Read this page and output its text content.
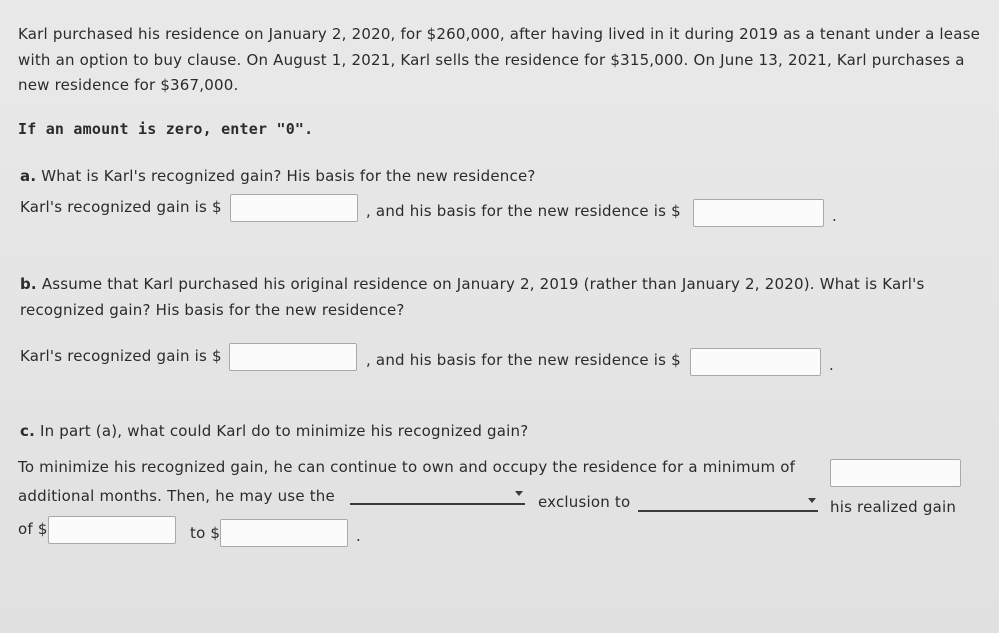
Karl purchased his residence on January 2, 2020, for $260,000, after having lived in it during 2019 as a tenant under a lease with an option to buy clause. On August 1, 2021, Karl sells the residence for $315,000. On June 13, 2021, Karl purchases a new residence for $367,000.
If an amount is zero, enter "0".
a. What is Karl's recognized gain? His basis for the new residence?
Karl's recognized gain is $	, and his basis for the new residence is $	.
b. Assume that Karl purchased his original residence on January 2, 2019 (rather than January 2, 2020). What is Karl's
recognized gain? His basis for the new residence?
Karl's recognized gain is $	, and his basis for the new residence is $	.
c. In part (a), what could Karl do to minimize his recognized gain?
To minimize his recognized gain, he can continue to own and occupy the residence for a minimum of
additional months. Then, he may use the	exclusion to	his realized gain
of $	to $	.
